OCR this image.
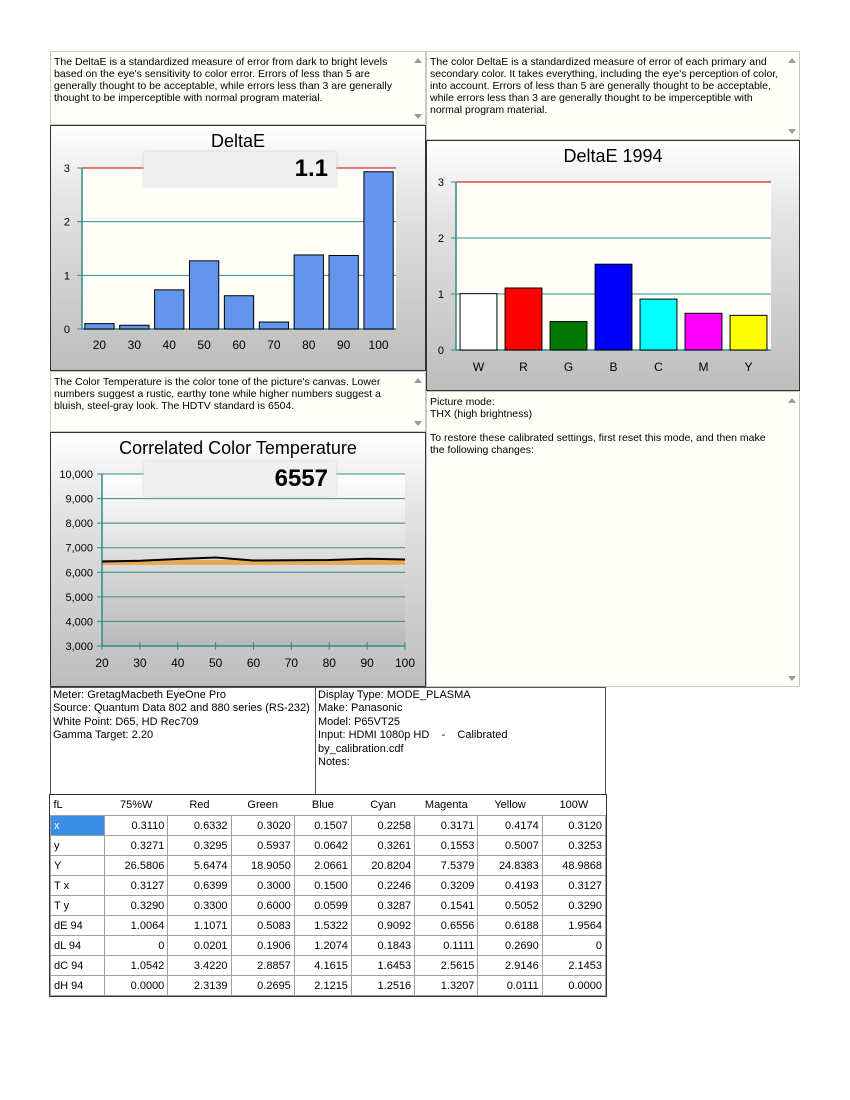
The DeltaE is a standardized measure of error from dark to bright levels based on the eye's sensitivity to color error. Errors of less than 5 are generally thought to be acceptable, while errors less than 3 are generally thought to be imperceptible with normal program material.

The color DeltaE is a standardized measure of error of each primary and secondary color. It takes everything, including the eye's perception of color, into account. Errors of less than 5 are generally thought to be acceptable, while errors less than 3 are generally thought to be imperceptible with normal program material.

DeltaE
0
1
2
3
20 30 40 50 60 70 80 90 100
1.1	DeltaE 1994
0
1
2
3
W	R	G	B	C	M	Y

The Color Temperature is the color tone of the picture's canvas. Lower numbers suggest a rustic, earthy tone while higher numbers suggest a bluish, steel-gray look. The HDTV standard is 6504.	Picture mode:

THX (high brightness)

To restore these calibrated settings, first reset this mode, and then make the following changes:

Correlated Color Temperature
3,000
4,000
5,000
6,000
7,000
8,000
9,000
10,000
20 30 40 50 60 70 80 90 100
6557
Meter: GretagMacbeth EyeOne Pro
Source: Quantum Data 802 and 880 series (RS-232)
White Point: D65, HD Rec709
Gamma Target: 2.20
Display Type: MODE_PLASMA
Make: Panasonic
Model: P65VT25
Input: HDMI 1080p HD    -    Calibrated
by_calibration.cdf
Notes:
fL	75%W	Red	Green	Blue	Cyan	Magenta	Yellow	100W
x	0.3110	0.6332	0.3020	0.1507	0.2258	0.3171	0.4174	0.3120
y	0.3271	0.3295	0.5937	0.0642	0.3261	0.1553	0.5007	0.3253
Y	26.5806	5.6474	18.9050	2.0661	20.8204	7.5379	24.8383	48.9868
T x	0.3127	0.6399	0.3000	0.1500	0.2246	0.3209	0.4193	0.3127
T y	0.3290	0.3300	0.6000	0.0599	0.3287	0.1541	0.5052	0.3290
dE 94	1.0064	1.1071	0.5083	1.5322	0.9092	0.6556	0.6188	1.9564
dL 94	0	0.0201	0.1906	1.2074	0.1843	0.1111	0.2690	0
dC 94	1.0542	3.4220	2.8857	4.1615	1.6453	2.5615	2.9146	2.1453
dH 94	0.0000	2.3139	0.2695	2.1215	1.2516	1.3207	0.0111	0.0000
